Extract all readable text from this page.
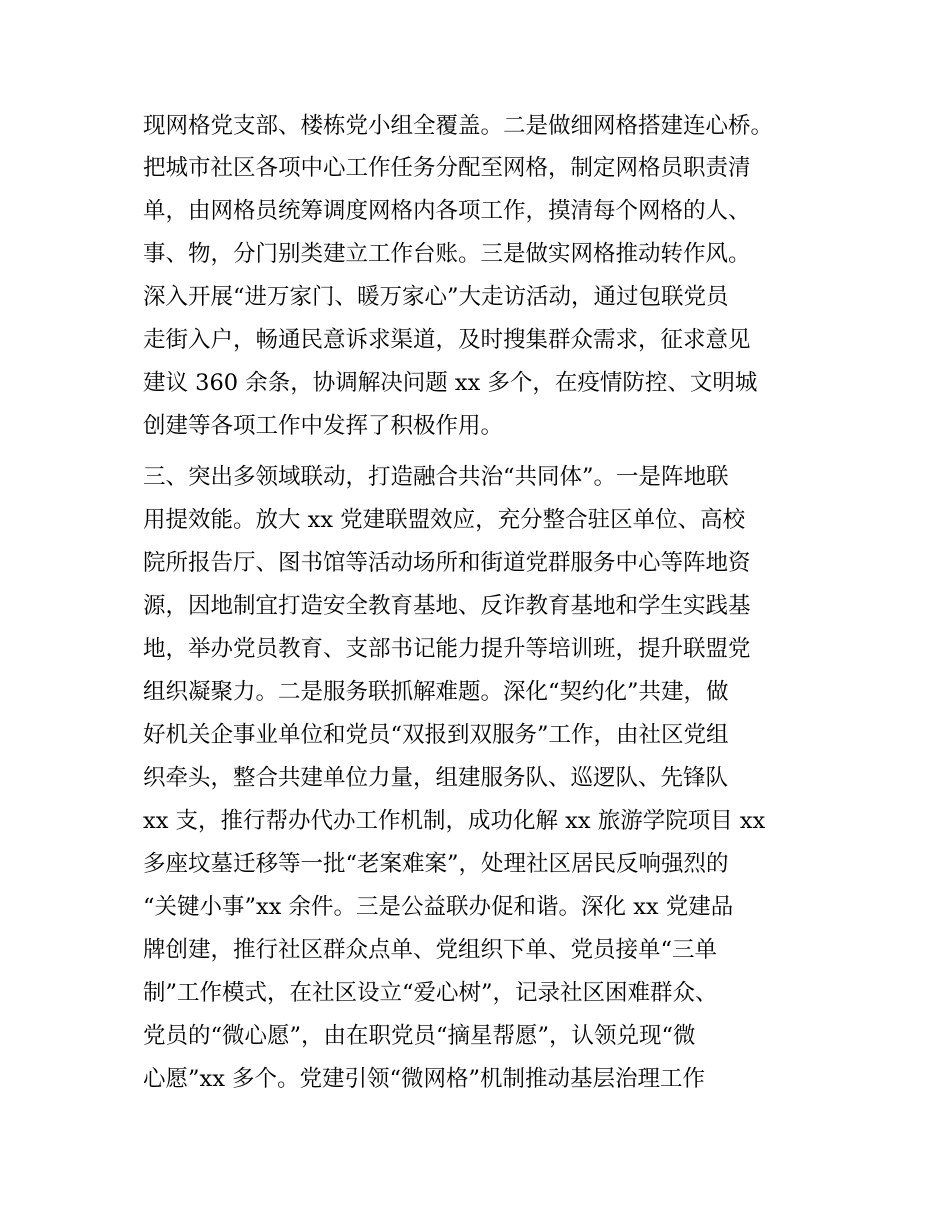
现网格党支部、楼栋党小组全覆盖。二是做细网格搭建连心桥。
把城市社区各项中心工作任务分配至网格，制定网格员职责清
单，由网格员统筹调度网格内各项工作，摸清每个网格的人、
事、物，分门别类建立工作台账。三是做实网格推动转作风。
深入开展“进万家门、暖万家心”大走访活动，通过包联党员
走街入户，畅通民意诉求渠道，及时搜集群众需求，征求意见
建议 360 余条，协调解决问题 xx 多个，在疫情防控、文明城
创建等各项工作中发挥了积极作用。
三、突出多领域联动，打造融合共治“共同体”。一是阵地联
用提效能。放大 xx 党建联盟效应，充分整合驻区单位、高校
院所报告厅、图书馆等活动场所和街道党群服务中心等阵地资
源，因地制宜打造安全教育基地、反诈教育基地和学生实践基
地，举办党员教育、支部书记能力提升等培训班，提升联盟党
组织凝聚力。二是服务联抓解难题。深化“契约化”共建，做
好机关企事业单位和党员“双报到双服务”工作，由社区党组
织牵头，整合共建单位力量，组建服务队、巡逻队、先锋队
xx 支，推行帮办代办工作机制，成功化解 xx 旅游学院项目 xx
多座坟墓迁移等一批“老案难案”，处理社区居民反响强烈的
“关键小事”xx 余件。三是公益联办促和谐。深化 xx 党建品
牌创建，推行社区群众点单、党组织下单、党员接单“三单
制”工作模式，在社区设立“爱心树”，记录社区困难群众、
党员的“微心愿”，由在职党员“摘星帮愿”，认领兑现“微
心愿”xx 多个。党建引领“微网格”机制推动基层治理工作
